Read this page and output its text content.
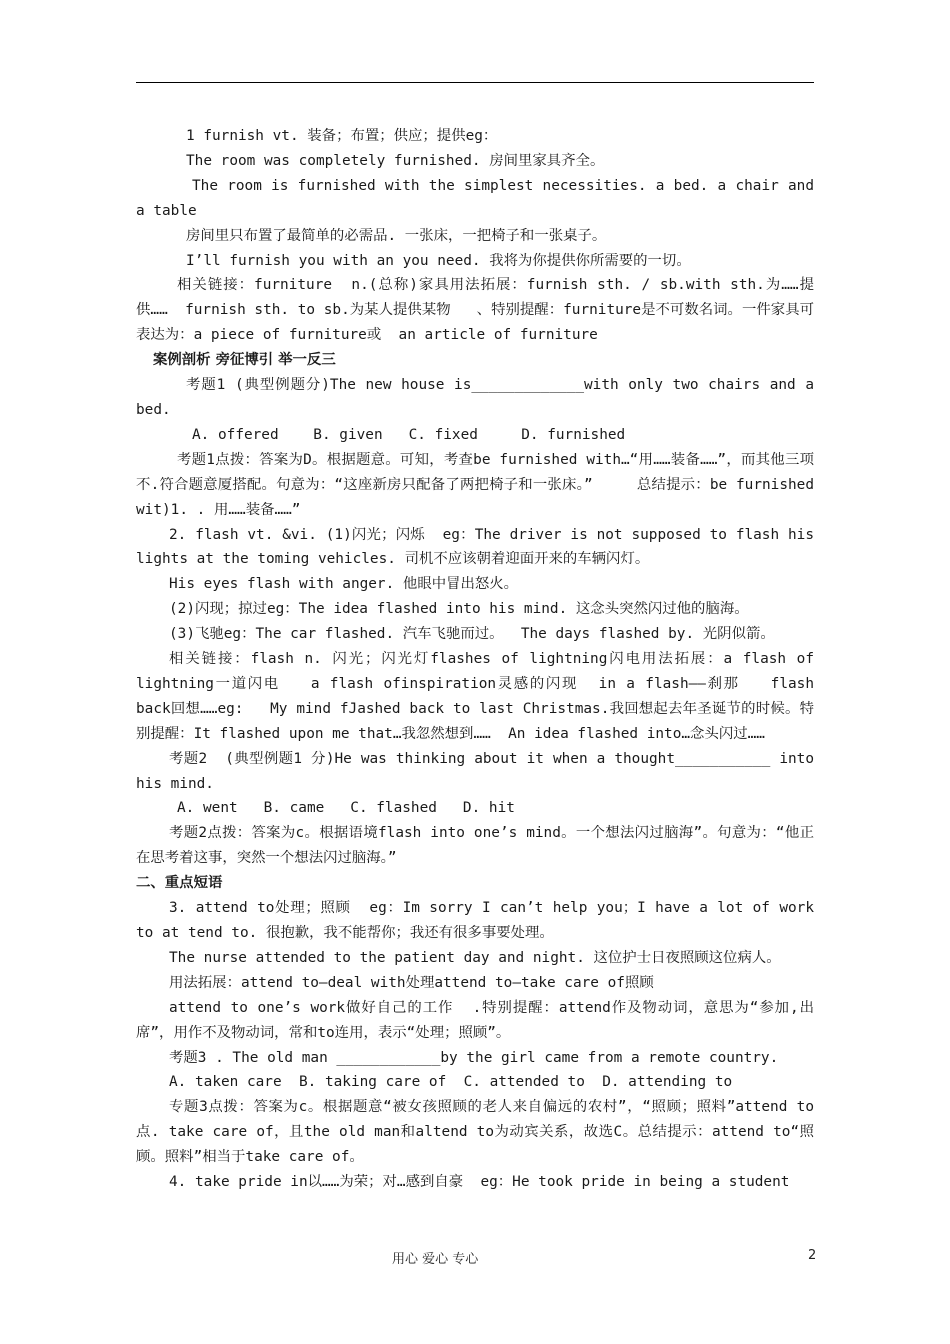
1 furnish vt. 装备；布置；供应；提供eg：

The room was completely furnished. 房间里家具齐全。

The room is furnished with the simplest necessities. a bed. a chair and a table

房间里只布置了最简单的必需品. 一张床，一把椅子和一张桌子。

I’ll furnish you with an you need. 我将为你提供你所需要的一切。

相关链接：furniture  n.(总称)家具用法拓展：furnish sth. / sb.with sth.为……提供……  furnish sth. to sb.为某人提供某物   、特别提醒：furniture是不可数名词。一件家具可表达为：a piece of furniture或  an article of furniture

案例剖析 旁征博引 举一反三

考题1 (典型例题分)The new house is_____________with only two chairs and a bed.

A. offered    B. given   C. fixed     D. furnished

考题1点拨：答案为D。根据题意。可知，考查be furnished with…“用……装备……”，而其他三项不.符合题意厦搭配。句意为：“这座新房只配备了两把椅子和一张床。”     总结提示：be furnished wit)1. . 用……装备……”

2. flash vt. &vi. (1)闪光；闪烁  eg：The driver is not supposed to flash his lights at the toming vehicles. 司机不应该朝着迎面开来的车辆闪灯。

His eyes flash with anger. 他眼中冒出怒火。

(2)闪现；掠过eg：The idea flashed into his mind. 这念头突然闪过他的脑海。

(3)飞驰eg：The car flashed. 汽车飞驰而过。  The days flashed by. 光阴似箭。

相关链接：flash n. 闪光；闪光灯flashes of lightning闪电用法拓展：a flash of lightning一道闪电   a flash ofinspiration灵感的闪现  in a flash——刹那   flash back回想……eg:   My mind fJashed back to last Christmas.我回想起去年圣诞节的时候。特别提醒：It flashed upon me that…我忽然想到……  An idea flashed into…念头闪过……

考题2  (典型例题1 分)He was thinking about it when a thought___________ into his mind.

A. went   B. came   C. flashed   D. hit

考题2点拨：答案为c。根据语境flash into one’s mind。一个想法闪过脑海”。句意为：“他正在思考着这事，突然一个想法闪过脑海。”

二、重点短语

3. attend to处理；照顾  eg：Im sorry I can’t help you；I have a lot of work to at tend to. 很抱歉，我不能帮你；我还有很多事要处理。

The nurse attended to the patient day and night. 这位护士日夜照顾这位病人。

用法拓展：attend to—deal with处理attend to—take care of照顾

attend to one’s work做好自己的工作  .特别提醒：attend作及物动词，意思为“参加,出席”，用作不及物动词，常和to连用，表示“处理；照顾”。

考题3 . The old man ____________by the girl came from a remote country.

A. taken care  B. taking care of  C. attended to  D. attending to

专题3点拨：答案为c。根据题意“被女孩照顾的老人来自偏远的农村”，“照顾；照料”attend to 点. take care of，且the old man和altend to为动宾关系，故选C。总结提示：attend to“照顾。照料”相当于take care of。

4. take pride in以……为荣；对…感到自豪  eg：He took pride in being a student

用心 爱心 专心	2
